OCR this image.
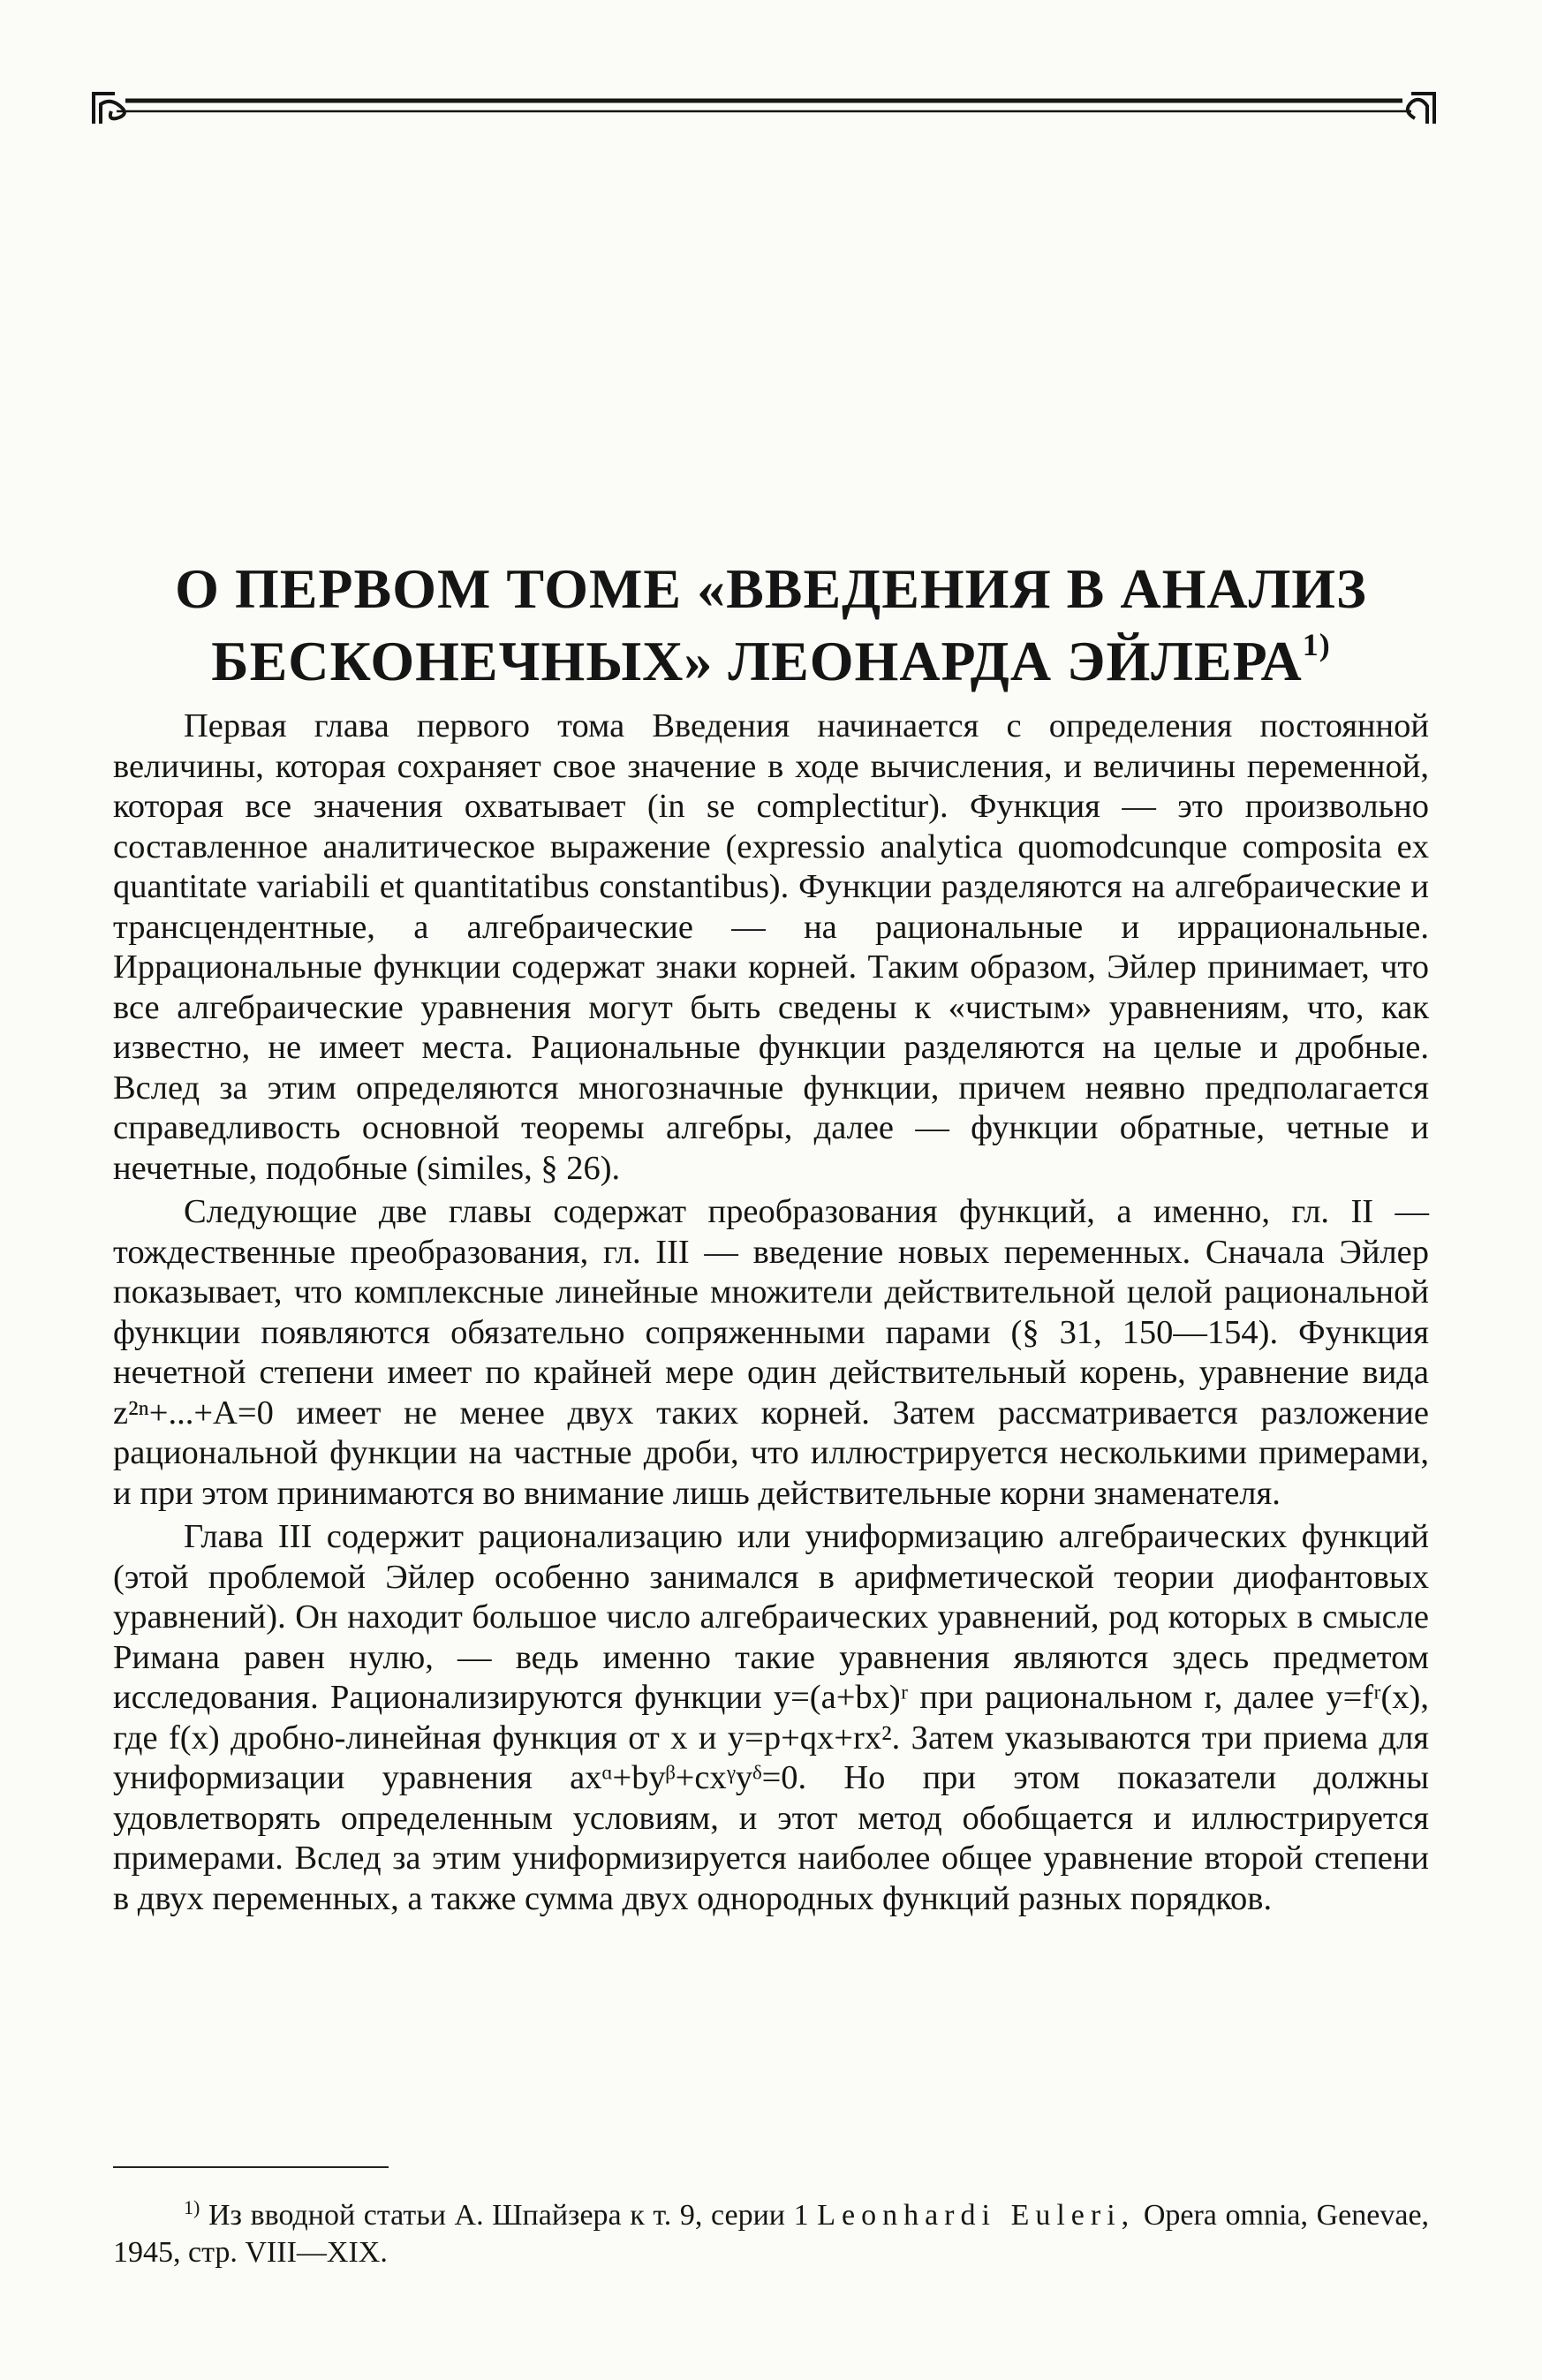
О ПЕРВОМ ТОМЕ «ВВЕДЕНИЯ В АНАЛИЗ
БЕСКОНЕЧНЫХ» ЛЕОНАРДА ЭЙЛЕРА$^{1)}$

Первая глава первого тома Введения начинается с определения постоянной величины, которая сохраняет свое значение в ходе вычисления, и величины переменной, которая все значения охватывает (in se complectitur). Функция — это произвольно составленное аналитическое выражение (expressio analytica quomodcunque composita ex quantitate variabili et quantitatibus constantibus). Функции разделяются на алгебраические и трансцендентные, а алгебраические — на рациональные и иррациональные. Иррациональные функции содержат знаки корней. Таким образом, Эйлер принимает, что все алгебраические уравнения могут быть сведены к «чистым» уравнениям, что, как известно, не имеет места. Рациональные функции разделяются на целые и дробные. Вслед за этим определяются многозначные функции, причем неявно предполагается справедливость основной теоремы алгебры, далее — функции обратные, четные и нечетные, подобные (similes, § 26).

Следующие две главы содержат преобразования функций, а именно, гл. II — тождественные преобразования, гл. III — введение новых переменных. Сначала Эйлер показывает, что комплексные линейные множители действительной целой рациональной функции появляются обязательно сопряженными парами (§ 31, 150—154). Функция нечетной степени имеет по крайней мере один действительный корень, уравнение вида z²ⁿ+...+A=0 имеет не менее двух таких корней. Затем рассматривается разложение рациональной функции на частные дроби, что иллюстрируется несколькими примерами, и при этом принимаются во внимание лишь действительные корни знаменателя.

Глава III содержит рационализацию или униформизацию алгебраических функций (этой проблемой Эйлер особенно занимался в арифметической теории диофантовых уравнений). Он находит большое число алгебраических уравнений, род которых в смысле Римана равен нулю, — ведь именно такие уравнения являются здесь предметом исследования. Рационализируются функции y=(a+bx)ʳ при рациональном r, далее y=fʳ(x), где f(x) дробно-линейная функция от x и y=p+qx+rx². Затем указываются три приема для униформизации уравнения axᵅ+byᵝ+cxᵞyᵟ=0. Но при этом показатели должны удовлетворять определенным условиям, и этот метод обобщается и иллюстрируется примерами. Вслед за этим униформизируется наиболее общее уравнение второй степени в двух переменных, а также сумма двух однородных функций разных порядков.

$^{1)}$ Из вводной статьи А. Шпайзера к т. 9, серии 1 Leonhardi Euleri, Opera omnia, Genevae, 1945, стр. VIII—XIX.
